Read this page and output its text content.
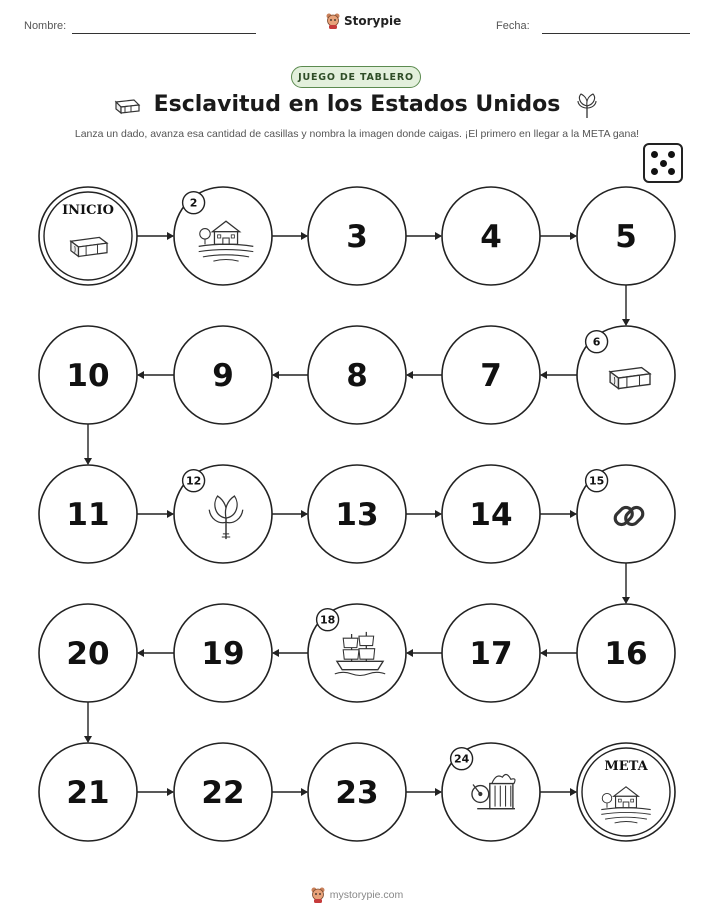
Nombre:	Storypie	Fecha:
JUEGO DE TABLERO
Esclavitud en los Estados Unidos
Lanza un dado, avanza esa cantidad de casillas y nombra la imagen donde caigas. ¡El primero en llegar a la META gana!
INICIO	2
3	4	5
6
7
8
9
10
11
12
13	14
15
16
17
18
19
20
21	22	23
24	META
mystorypie.com
